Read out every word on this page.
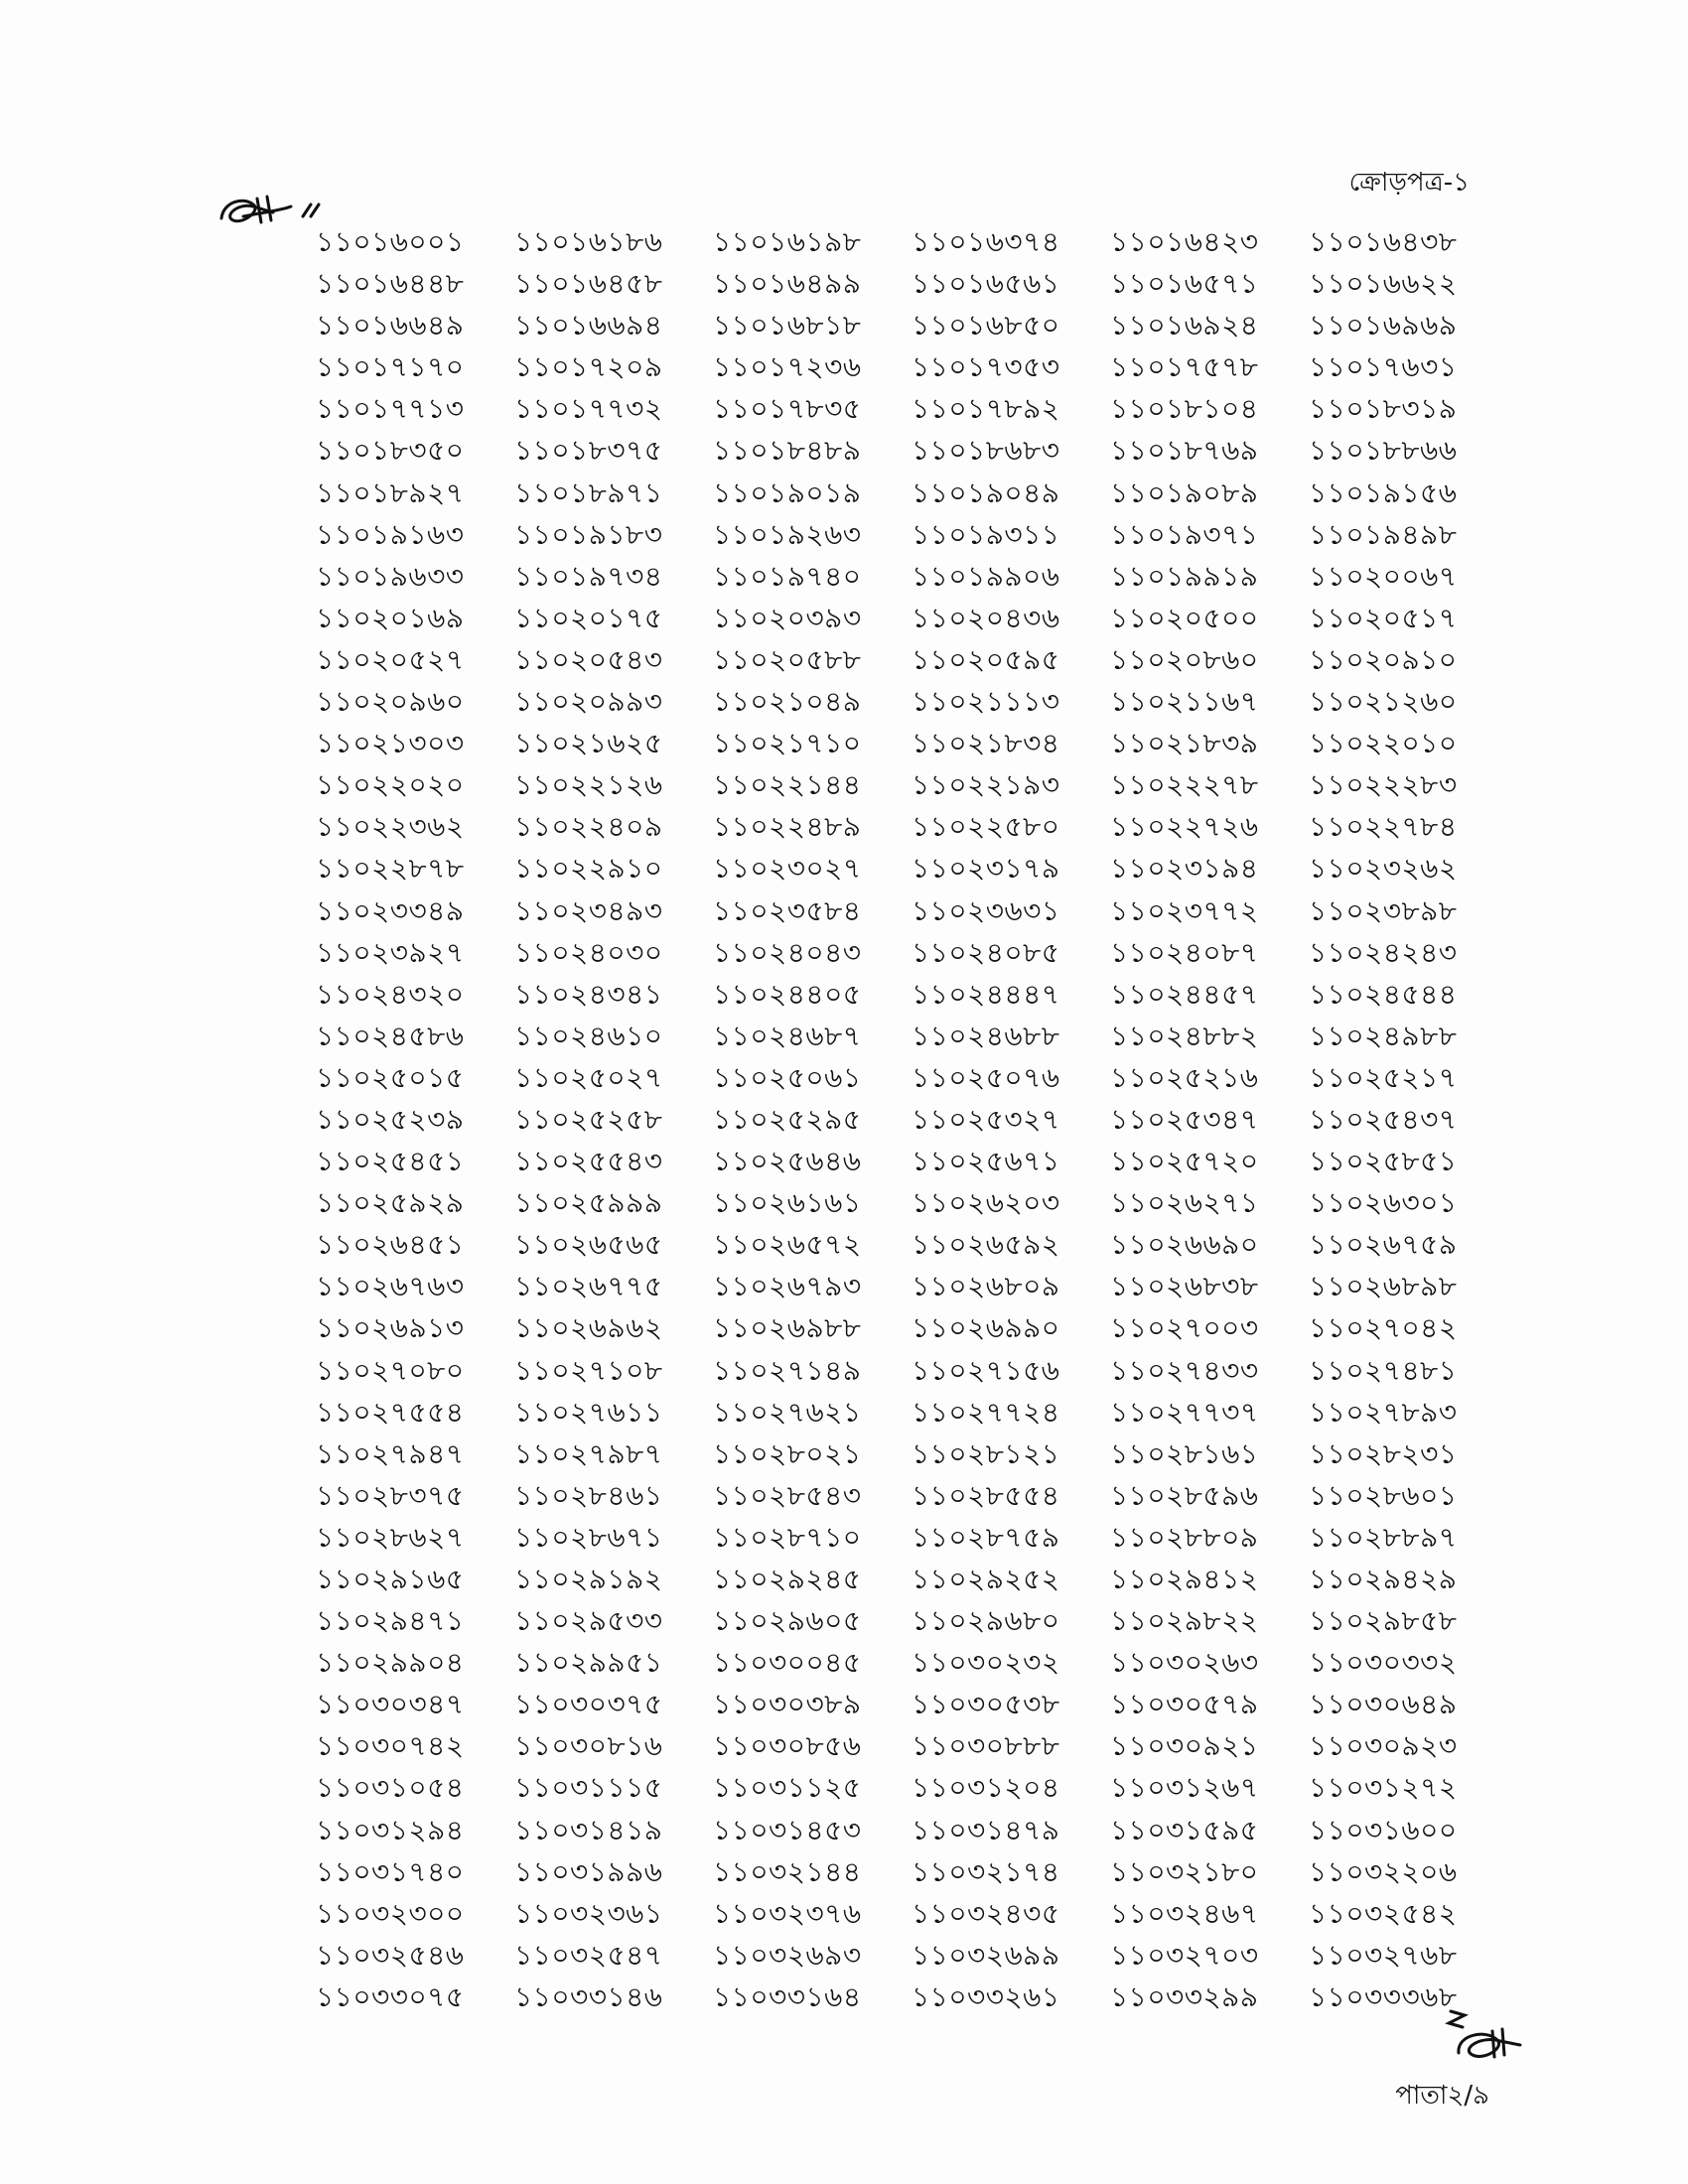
ক্রোড়পত্র-১
১১০১৬০০১	১১০১৬১৮৬	১১০১৬১৯৮	১১০১৬৩৭৪	১১০১৬৪২৩	১১০১৬৪৩৮
১১০১৬৪৪৮	১১০১৬৪৫৮	১১০১৬৪৯৯	১১০১৬৫৬১	১১০১৬৫৭১	১১০১৬৬২২
১১০১৬৬৪৯	১১০১৬৬৯৪	১১০১৬৮১৮	১১০১৬৮৫০	১১০১৬৯২৪	১১০১৬৯৬৯
১১০১৭১৭০	১১০১৭২০৯	১১০১৭২৩৬	১১০১৭৩৫৩	১১০১৭৫৭৮	১১০১৭৬৩১
১১০১৭৭১৩	১১০১৭৭৩২	১১০১৭৮৩৫	১১০১৭৮৯২	১১০১৮১০৪	১১০১৮৩১৯
১১০১৮৩৫০	১১০১৮৩৭৫	১১০১৮৪৮৯	১১০১৮৬৮৩	১১০১৮৭৬৯	১১০১৮৮৬৬
১১০১৮৯২৭	১১০১৮৯৭১	১১০১৯০১৯	১১০১৯০৪৯	১১০১৯০৮৯	১১০১৯১৫৬
১১০১৯১৬৩	১১০১৯১৮৩	১১০১৯২৬৩	১১০১৯৩১১	১১০১৯৩৭১	১১০১৯৪৯৮
১১০১৯৬৩৩	১১০১৯৭৩৪	১১০১৯৭৪০	১১০১৯৯০৬	১১০১৯৯১৯	১১০২০০৬৭
১১০২০১৬৯	১১০২০১৭৫	১১০২০৩৯৩	১১০২০৪৩৬	১১০২০৫০০	১১০২০৫১৭
১১০২০৫২৭	১১০২০৫৪৩	১১০২০৫৮৮	১১০২০৫৯৫	১১০২০৮৬০	১১০২০৯১০
১১০২০৯৬০	১১০২০৯৯৩	১১০২১০৪৯	১১০২১১১৩	১১০২১১৬৭	১১০২১২৬০
১১০২১৩০৩	১১০২১৬২৫	১১০২১৭১০	১১০২১৮৩৪	১১০২১৮৩৯	১১০২২০১০
১১০২২০২০	১১০২২১২৬	১১০২২১৪৪	১১০২২১৯৩	১১০২২২৭৮	১১০২২২৮৩
১১০২২৩৬২	১১০২২৪০৯	১১০২২৪৮৯	১১০২২৫৮০	১১০২২৭২৬	১১০২২৭৮৪
১১০২২৮৭৮	১১০২২৯১০	১১০২৩০২৭	১১০২৩১৭৯	১১০২৩১৯৪	১১০২৩২৬২
১১০২৩৩৪৯	১১০২৩৪৯৩	১১০২৩৫৮৪	১১০২৩৬৩১	১১০২৩৭৭২	১১০২৩৮৯৮
১১০২৩৯২৭	১১০২৪০৩০	১১০২৪০৪৩	১১০২৪০৮৫	১১০২৪০৮৭	১১০২৪২৪৩
১১০২৪৩২০	১১০২৪৩৪১	১১০২৪৪০৫	১১০২৪৪৪৭	১১০২৪৪৫৭	১১০২৪৫৪৪
১১০২৪৫৮৬	১১০২৪৬১০	১১০২৪৬৮৭	১১০২৪৬৮৮	১১০২৪৮৮২	১১০২৪৯৮৮
১১০২৫০১৫	১১০২৫০২৭	১১০২৫০৬১	১১০২৫০৭৬	১১০২৫২১৬	১১০২৫২১৭
১১০২৫২৩৯	১১০২৫২৫৮	১১০২৫২৯৫	১১০২৫৩২৭	১১০২৫৩৪৭	১১০২৫৪৩৭
১১০২৫৪৫১	১১০২৫৫৪৩	১১০২৫৬৪৬	১১০২৫৬৭১	১১০২৫৭২০	১১০২৫৮৫১
১১০২৫৯২৯	১১০২৫৯৯৯	১১০২৬১৬১	১১০২৬২০৩	১১০২৬২৭১	১১০২৬৩০১
১১০২৬৪৫১	১১০২৬৫৬৫	১১০২৬৫৭২	১১০২৬৫৯২	১১০২৬৬৯০	১১০২৬৭৫৯
১১০২৬৭৬৩	১১০২৬৭৭৫	১১০২৬৭৯৩	১১০২৬৮০৯	১১০২৬৮৩৮	১১০২৬৮৯৮
১১০২৬৯১৩	১১০২৬৯৬২	১১০২৬৯৮৮	১১০২৬৯৯০	১১০২৭০০৩	১১০২৭০৪২
১১০২৭০৮০	১১০২৭১০৮	১১০২৭১৪৯	১১০২৭১৫৬	১১০২৭৪৩৩	১১০২৭৪৮১
১১০২৭৫৫৪	১১০২৭৬১১	১১০২৭৬২১	১১০২৭৭২৪	১১০২৭৭৩৭	১১০২৭৮৯৩
১১০২৭৯৪৭	১১০২৭৯৮৭	১১০২৮০২১	১১০২৮১২১	১১০২৮১৬১	১১০২৮২৩১
১১০২৮৩৭৫	১১০২৮৪৬১	১১০২৮৫৪৩	১১০২৮৫৫৪	১১০২৮৫৯৬	১১০২৮৬০১
১১০২৮৬২৭	১১০২৮৬৭১	১১০২৮৭১০	১১০২৮৭৫৯	১১০২৮৮০৯	১১০২৮৮৯৭
১১০২৯১৬৫	১১০২৯১৯২	১১০২৯২৪৫	১১০২৯২৫২	১১০২৯৪১২	১১০২৯৪২৯
১১০২৯৪৭১	১১০২৯৫৩৩	১১০২৯৬০৫	১১০২৯৬৮০	১১০২৯৮২২	১১০২৯৮৫৮
১১০২৯৯০৪	১১০২৯৯৫১	১১০৩০০৪৫	১১০৩০২৩২	১১০৩০২৬৩	১১০৩০৩৩২
১১০৩০৩৪৭	১১০৩০৩৭৫	১১০৩০৩৮৯	১১০৩০৫৩৮	১১০৩০৫৭৯	১১০৩০৬৪৯
১১০৩০৭৪২	১১০৩০৮১৬	১১০৩০৮৫৬	১১০৩০৮৮৮	১১০৩০৯২১	১১০৩০৯২৩
১১০৩১০৫৪	১১০৩১১১৫	১১০৩১১২৫	১১০৩১২০৪	১১০৩১২৬৭	১১০৩১২৭২
১১০৩১২৯৪	১১০৩১৪১৯	১১০৩১৪৫৩	১১০৩১৪৭৯	১১০৩১৫৯৫	১১০৩১৬০০
১১০৩১৭৪০	১১০৩১৯৯৬	১১০৩২১৪৪	১১০৩২১৭৪	১১০৩২১৮০	১১০৩২২০৬
১১০৩২৩০০	১১০৩২৩৬১	১১০৩২৩৭৬	১১০৩২৪৩৫	১১০৩২৪৬৭	১১০৩২৫৪২
১১০৩২৫৪৬	১১০৩২৫৪৭	১১০৩২৬৯৩	১১০৩২৬৯৯	১১০৩২৭০৩	১১০৩২৭৬৮
১১০৩৩০৭৫	১১০৩৩১৪৬	১১০৩৩১৬৪	১১০৩৩২৬১	১১০৩৩২৯৯	১১০৩৩৩৬৮
পাতা২/৯
